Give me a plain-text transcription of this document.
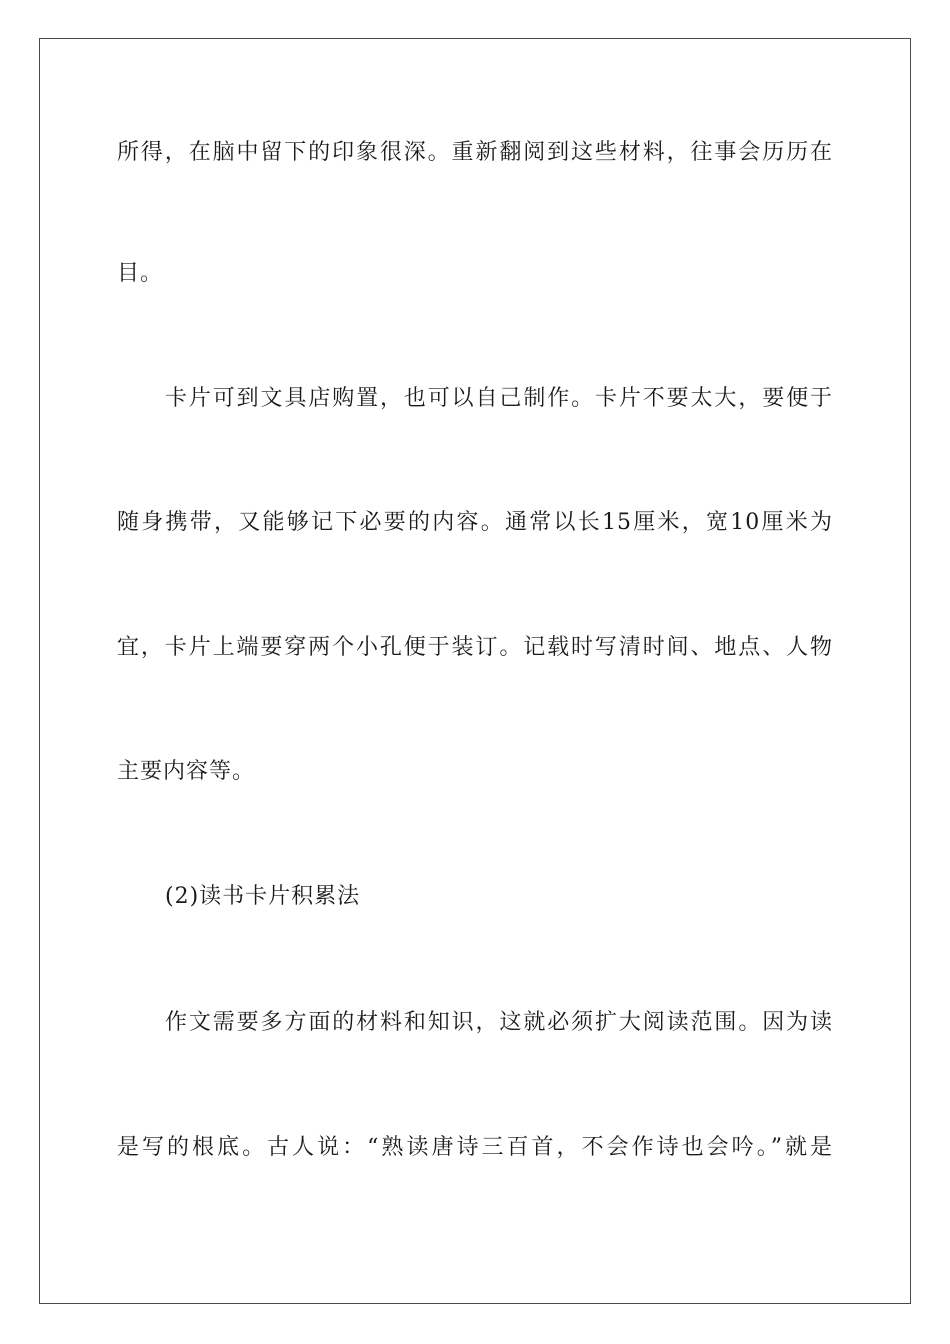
所得，在脑中留下的印象很深。重新翻阅到这些材料，往事会历历在
目。
卡片可到文具店购置，也可以自己制作。卡片不要太大，要便于
随身携带，又能够记下必要的内容。通常以长15厘米，宽10厘米为
宜，卡片上端要穿两个小孔便于装订。记载时写清时间、地点、人物
主要内容等。
(2)读书卡片积累法
作文需要多方面的材料和知识，这就必须扩大阅读范围。因为读
是写的根底。古人说：“熟读唐诗三百首，不会作诗也会吟。”就是
